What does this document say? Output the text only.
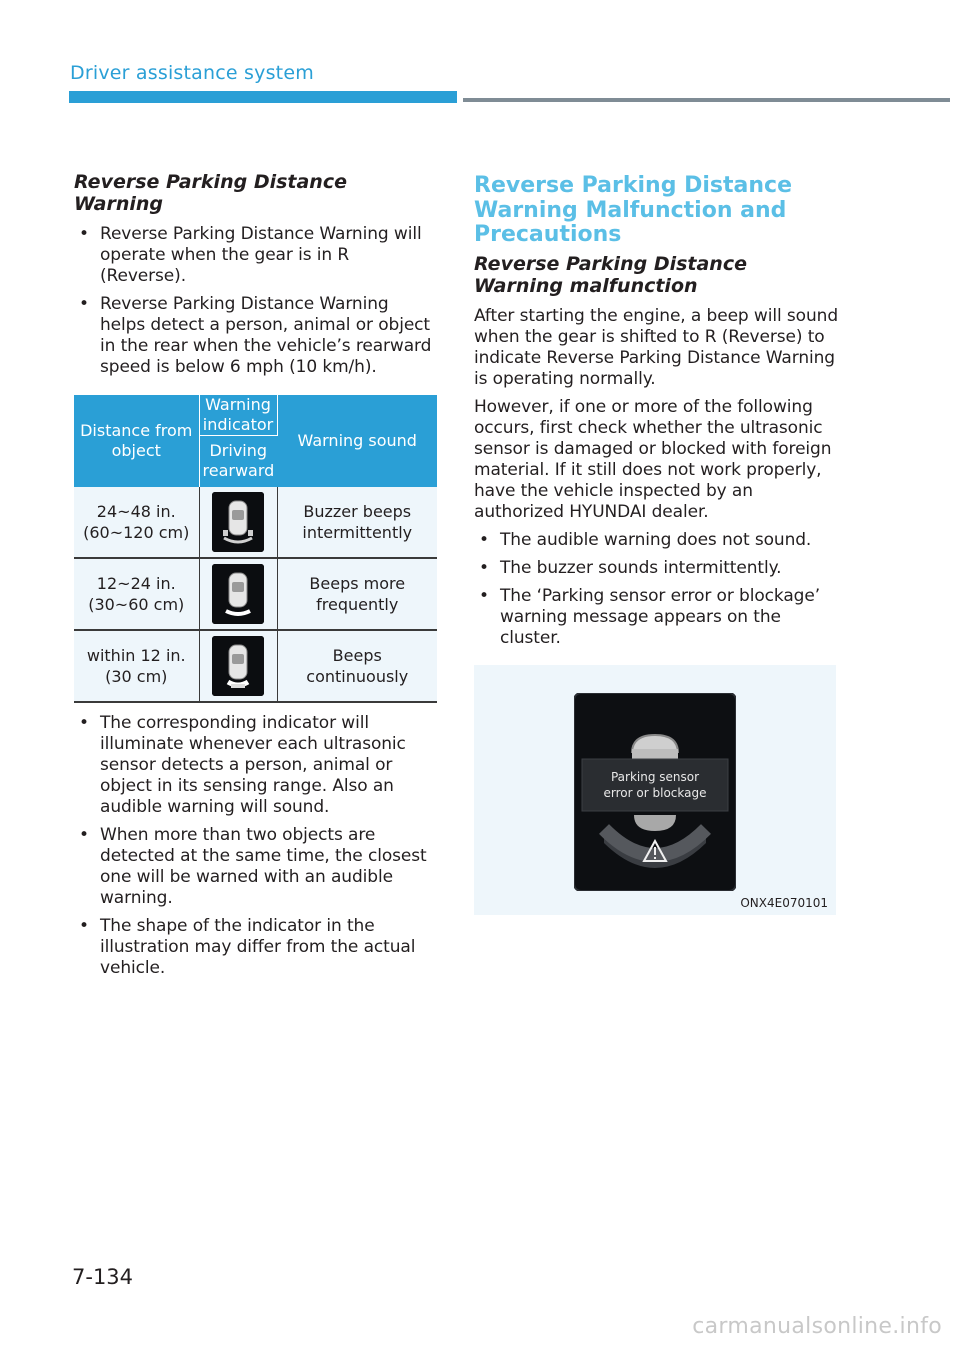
Driver assistance system
Reverse Parking Distance Warning
• Reverse Parking Distance Warning will operate when the gear is in R (Reverse).
• Reverse Parking Distance Warning helps detect a person, animal or object in the rear when the vehicle’s rearward speed is below 6 mph (10 km/h).
Distance from object	Warning indicator	Warning sound
	Driving rearward	
24~48 in. (60~120 cm)		Buzzer beeps intermittently
12~24 in. (30~60 cm)		Beeps more frequently
within 12 in. (30 cm)		Beeps continuously
• The corresponding indicator will illuminate whenever each ultrasonic sensor detects a person, animal or object in its sensing range. Also an audible warning will sound.
• When more than two objects are detected at the same time, the closest one will be warned with an audible warning.
• The shape of the indicator in the illustration may differ from the actual vehicle.
Reverse Parking Distance Warning Malfunction and Precautions
Reverse Parking Distance Warning malfunction

After starting the engine, a beep will sound when the gear is shifted to R (Reverse) to indicate Reverse Parking Distance Warning is operating normally.

However, if one or more of the following occurs, first check whether the ultrasonic sensor is damaged or blocked with foreign material. If it still does not work properly, have the vehicle inspected by an authorized HYUNDAI dealer.

• The audible warning does not sound.
• The buzzer sounds intermittently.
• The ‘Parking sensor error or blockage’ warning message appears on the cluster.
Parking sensor
error or blockage
ONX4E070101
7-134
carmanualsonline.info
